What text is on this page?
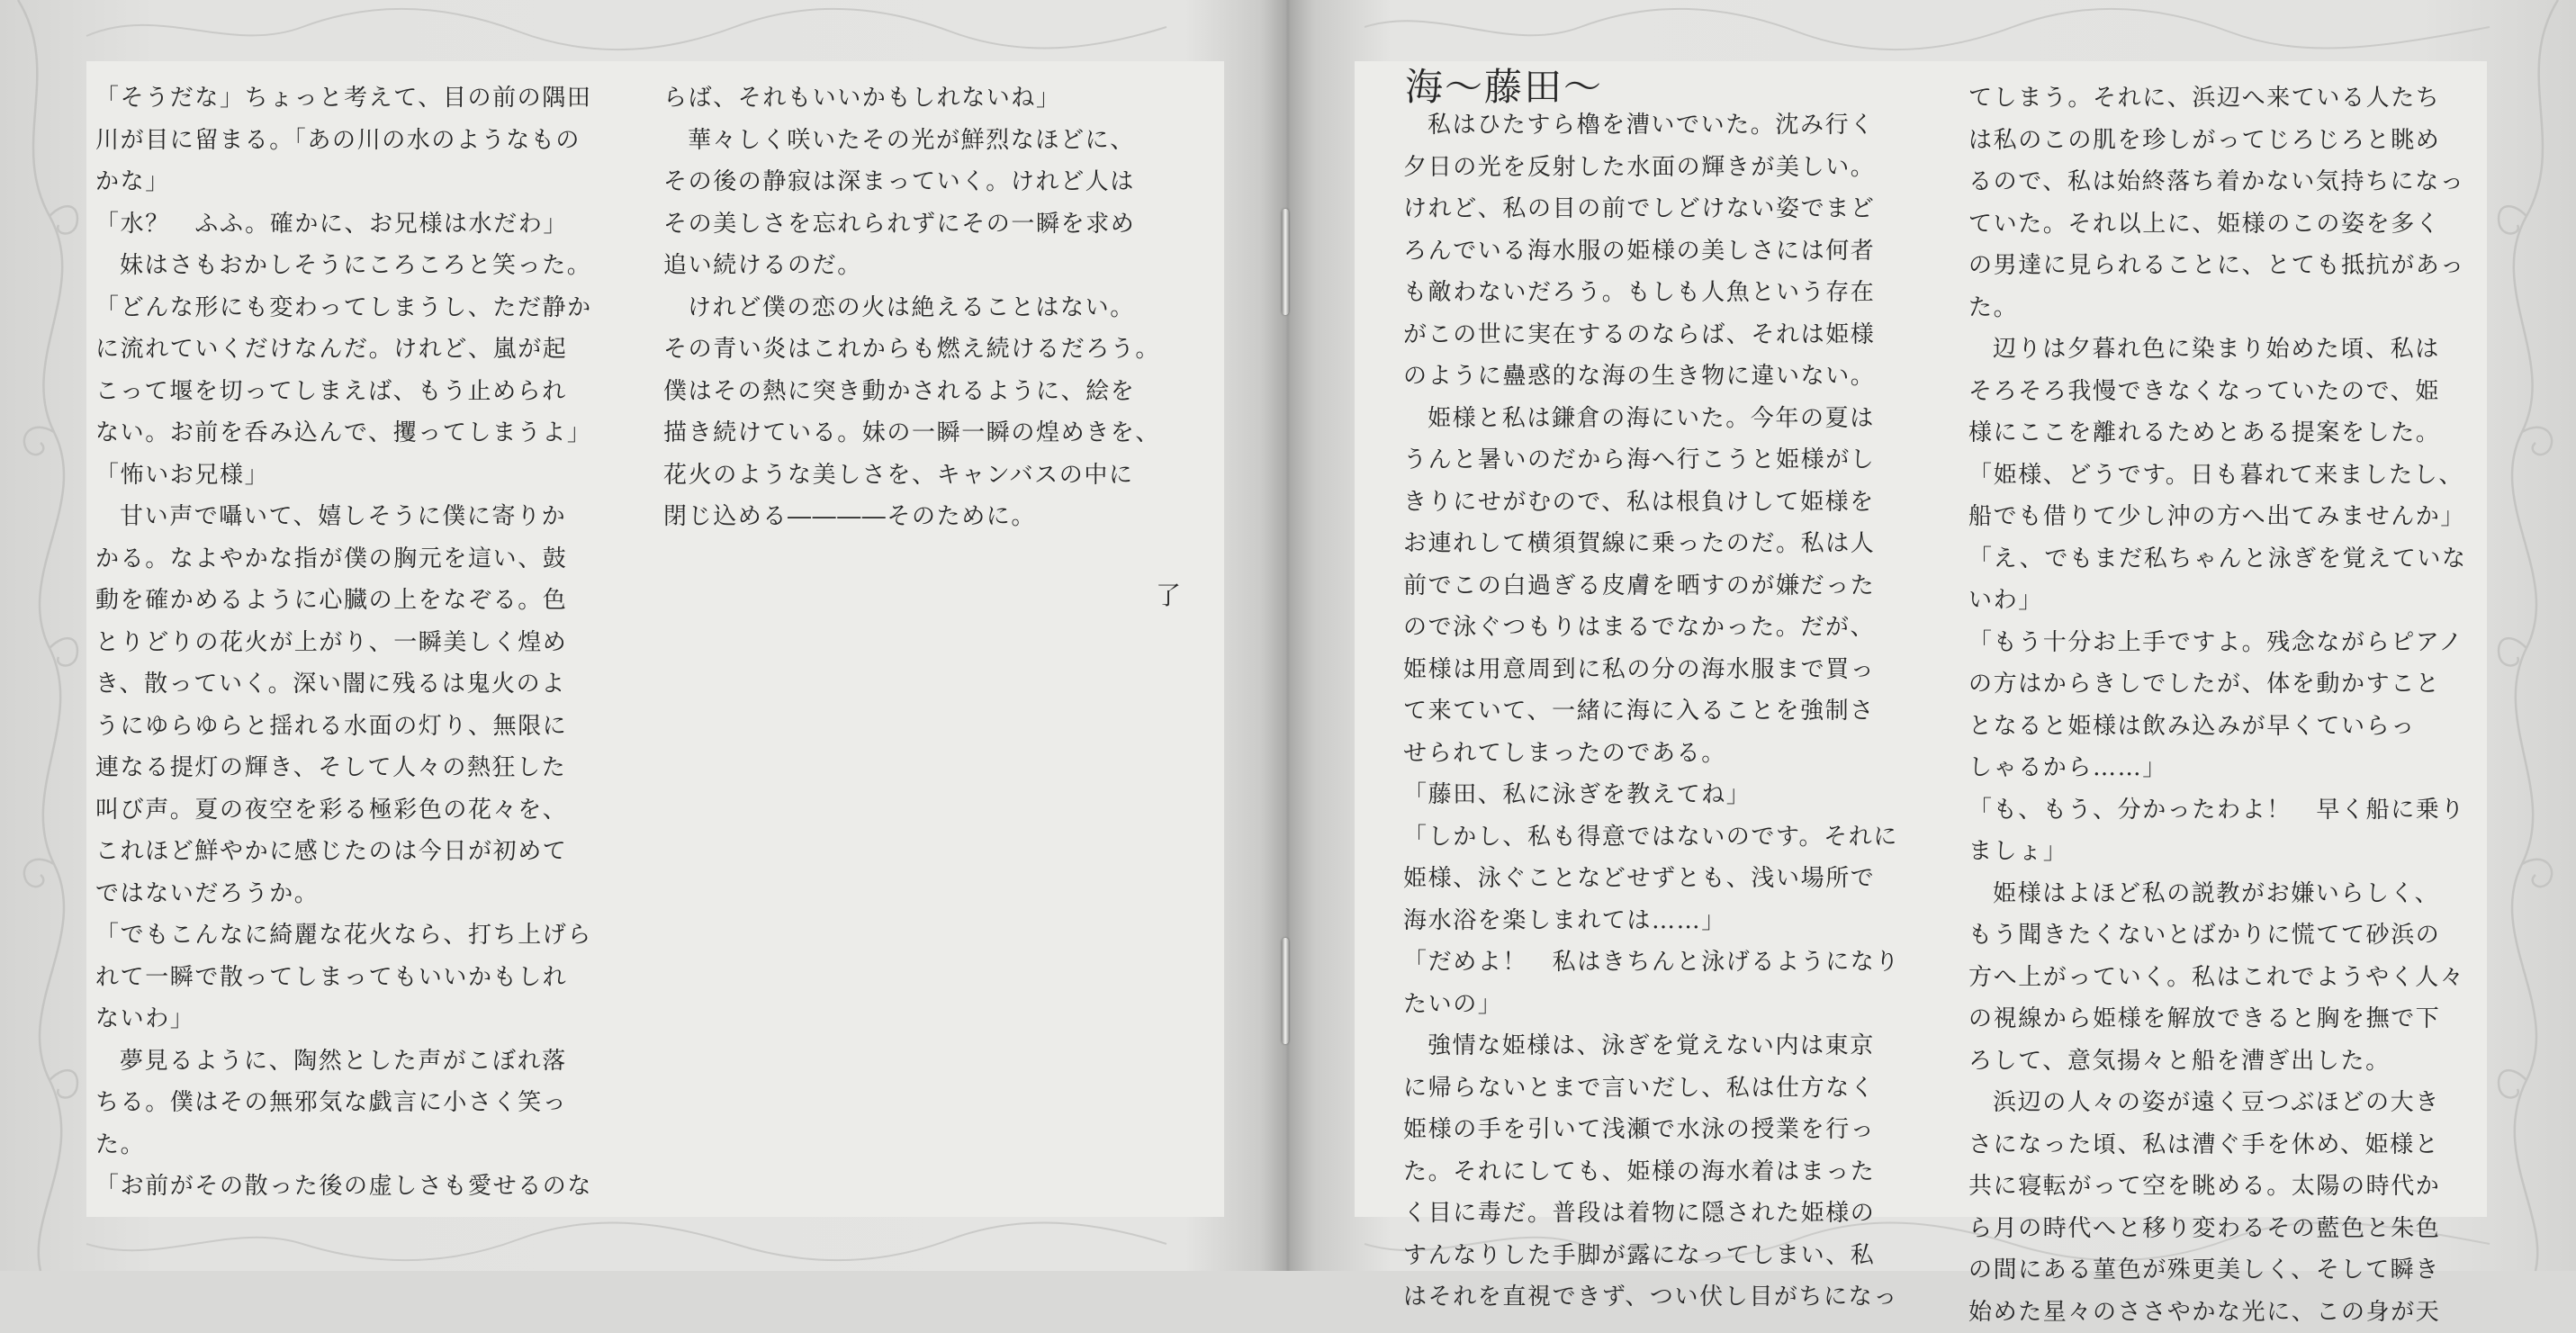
「そうだな」ちょっと考えて、目の前の隅田

川が目に留まる。「あの川の水のようなもの

かな」

「水？　ふふ。確かに、お兄様は水だわ」

妹はさもおかしそうにころころと笑った。

「どんな形にも変わってしまうし、ただ静か

に流れていくだけなんだ。けれど、嵐が起

こって堰を切ってしまえば、もう止められ

ない。お前を呑み込んで、攫ってしまうよ」

「怖いお兄様」

甘い声で囁いて、嬉しそうに僕に寄りか

かる。なよやかな指が僕の胸元を這い、鼓

動を確かめるように心臓の上をなぞる。色

とりどりの花火が上がり、一瞬美しく煌め

き、散っていく。深い闇に残るは鬼火のよ

うにゆらゆらと揺れる水面の灯り、無限に

連なる提灯の輝き、そして人々の熱狂した

叫び声。夏の夜空を彩る極彩色の花々を、

これほど鮮やかに感じたのは今日が初めて

ではないだろうか。

「でもこんなに綺麗な花火なら、打ち上げら

れて一瞬で散ってしまってもいいかもしれ

ないわ」

夢見るように、陶然とした声がこぼれ落

ちる。僕はその無邪気な戯言に小さく笑っ

た。

「お前がその散った後の虚しさも愛せるのな

らば、それもいいかもしれないね」

華々しく咲いたその光が鮮烈なほどに、

その後の静寂は深まっていく。けれど人は

その美しさを忘れられずにその一瞬を求め

追い続けるのだ。

けれど僕の恋の火は絶えることはない。

その青い炎はこれからも燃え続けるだろう。

僕はその熱に突き動かされるように、絵を

描き続けている。妹の一瞬一瞬の煌めきを、

花火のような美しさを、キャンバスの中に

閉じ込める――――そのために。

了
海～藤田～

私はひたすら櫓を漕いでいた。沈み行く

夕日の光を反射した水面の輝きが美しい。

けれど、私の目の前でしどけない姿でまど

ろんでいる海水服の姫様の美しさには何者

も敵わないだろう。もしも人魚という存在

がこの世に実在するのならば、それは姫様

のように蠱惑的な海の生き物に違いない。

姫様と私は鎌倉の海にいた。今年の夏は

うんと暑いのだから海へ行こうと姫様がし

きりにせがむので、私は根負けして姫様を

お連れして横須賀線に乗ったのだ。私は人

前でこの白過ぎる皮膚を晒すのが嫌だった

ので泳ぐつもりはまるでなかった。だが、

姫様は用意周到に私の分の海水服まで買っ

て来ていて、一緒に海に入ることを強制さ

せられてしまったのである。

「藤田、私に泳ぎを教えてね」

「しかし、私も得意ではないのです。それに

姫様、泳ぐことなどせずとも、浅い場所で

海水浴を楽しまれては……」

「だめよ！　私はきちんと泳げるようになり

たいの」

強情な姫様は、泳ぎを覚えない内は東京

に帰らないとまで言いだし、私は仕方なく

姫様の手を引いて浅瀬で水泳の授業を行っ

た。それにしても、姫様の海水着はまった

く目に毒だ。普段は着物に隠された姫様の

すんなりした手脚が露になってしまい、私

はそれを直視できず、つい伏し目がちになっ

てしまう。それに、浜辺へ来ている人たち

は私のこの肌を珍しがってじろじろと眺め

るので、私は始終落ち着かない気持ちになっ

ていた。それ以上に、姫様のこの姿を多く

の男達に見られることに、とても抵抗があっ

た。

辺りは夕暮れ色に染まり始めた頃、私は

そろそろ我慢できなくなっていたので、姫

様にここを離れるためとある提案をした。

「姫様、どうです。日も暮れて来ましたし、

船でも借りて少し沖の方へ出てみませんか」

「え、でもまだ私ちゃんと泳ぎを覚えていな

いわ」

「もう十分お上手ですよ。残念ながらピアノ

の方はからきしでしたが、体を動かすこと

となると姫様は飲み込みが早くていらっ

しゃるから……」

「も、もう、分かったわよ！　早く船に乗り

ましょ」

姫様はよほど私の説教がお嫌いらしく、

もう聞きたくないとばかりに慌てて砂浜の

方へ上がっていく。私はこれでようやく人々

の視線から姫様を解放できると胸を撫で下

ろして、意気揚々と船を漕ぎ出した。

浜辺の人々の姿が遠く豆つぶほどの大き

さになった頃、私は漕ぐ手を休め、姫様と

共に寝転がって空を眺める。太陽の時代か

ら月の時代へと移り変わるその藍色と朱色

の間にある菫色が殊更美しく、そして瞬き

始めた星々のささやかな光に、この身が天
